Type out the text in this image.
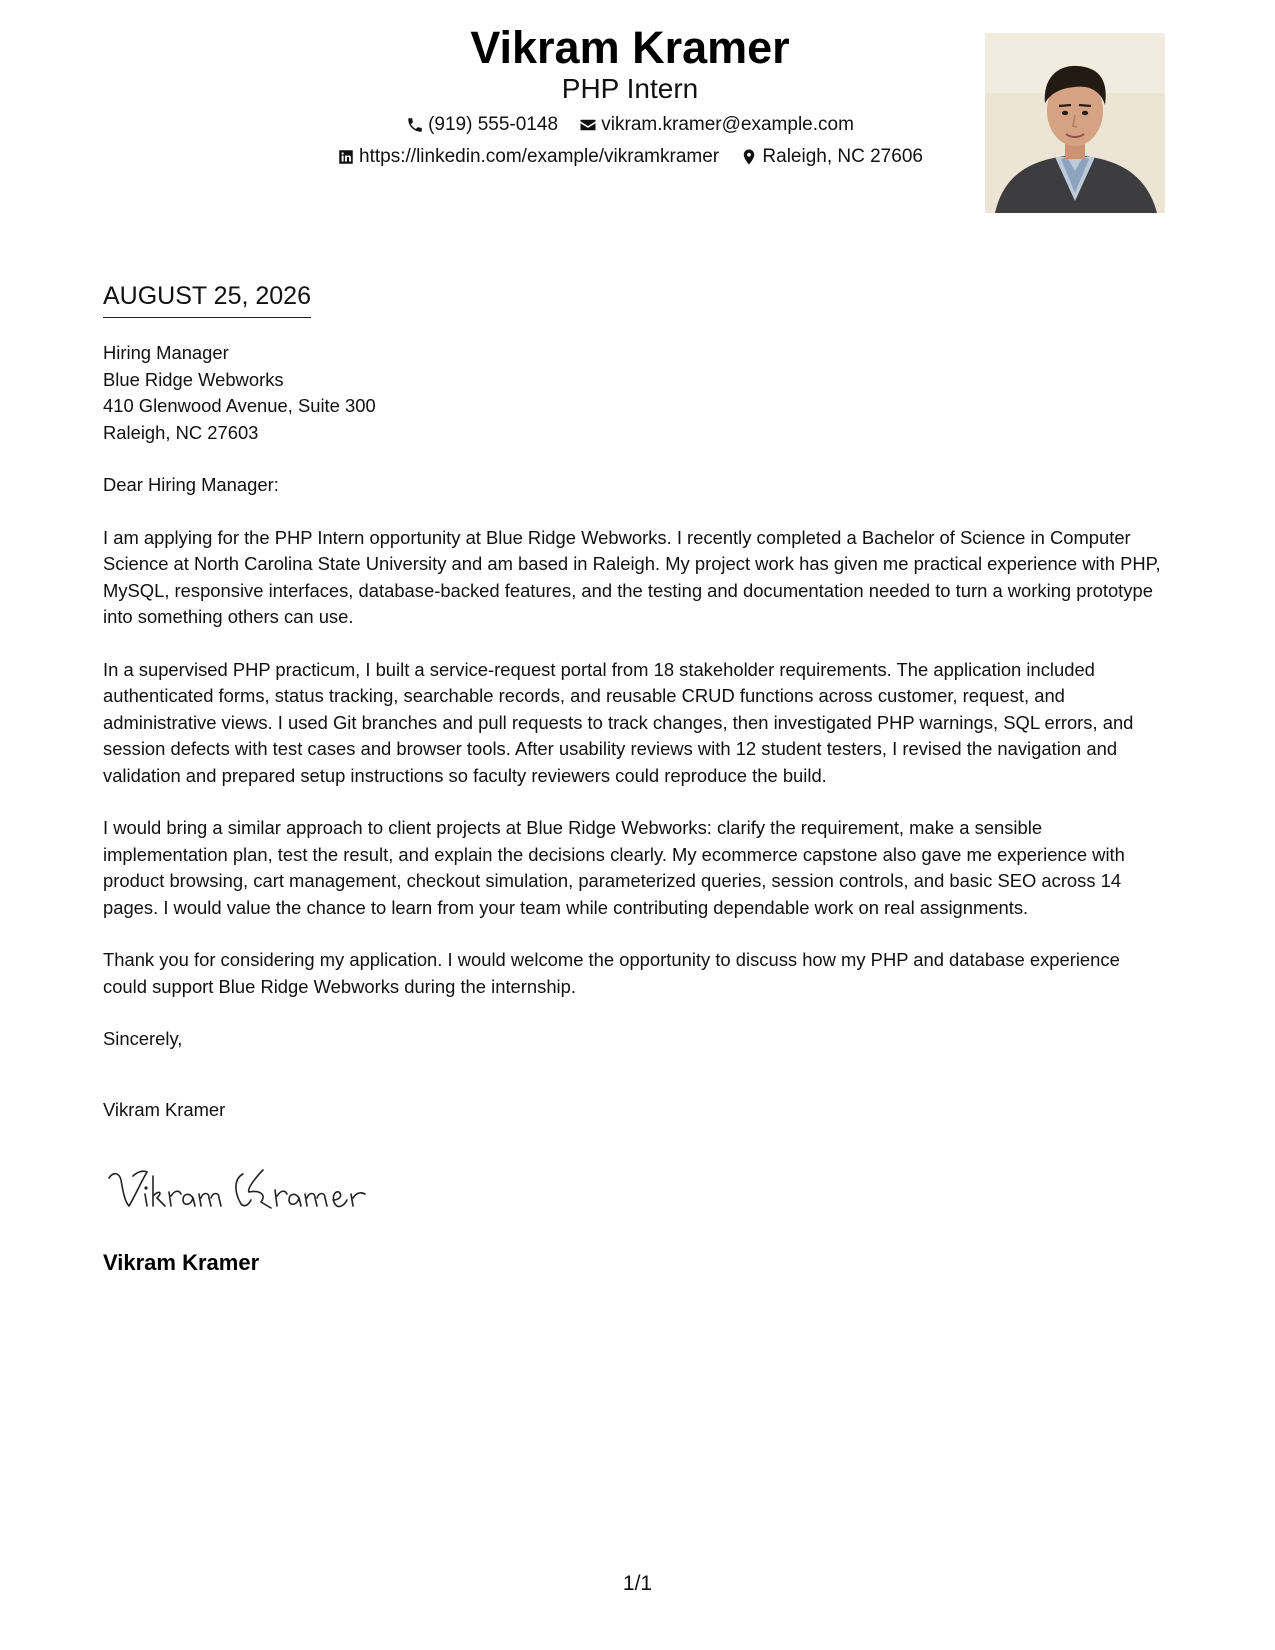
Vikram Kramer
PHP Intern
(919) 555-0148
vikram.kramer@example.com
https://linkedin.com/example/vikramkramer
Raleigh, NC 27606
AUGUST 25, 2026

Hiring Manager

Blue Ridge Webworks

410 Glenwood Avenue, Suite 300

Raleigh, NC 27603

Dear Hiring Manager:

I am applying for the PHP Intern opportunity at Blue Ridge Webworks. I recently completed a Bachelor of Science in Computer Science at North Carolina State University and am based in Raleigh. My project work has given me practical experience with PHP, MySQL, responsive interfaces, database-backed features, and the testing and documentation needed to turn a working prototype into something others can use.

In a supervised PHP practicum, I built a service-request portal from 18 stakeholder requirements. The application included authenticated forms, status tracking, searchable records, and reusable CRUD functions across customer, request, and administrative views. I used Git branches and pull requests to track changes, then investigated PHP warnings, SQL errors, and session defects with test cases and browser tools. After usability reviews with 12 student testers, I revised the navigation and validation and prepared setup instructions so faculty reviewers could reproduce the build.

I would bring a similar approach to client projects at Blue Ridge Webworks: clarify the requirement, make a sensible implementation plan, test the result, and explain the decisions clearly. My ecommerce capstone also gave me experience with product browsing, cart management, checkout simulation, parameterized queries, session controls, and basic SEO across 14 pages. I would value the chance to learn from your team while contributing dependable work on real assignments.

Thank you for considering my application. I would welcome the opportunity to discuss how my PHP and database experience could support Blue Ridge Webworks during the internship.

Sincerely,

Vikram Kramer

Vikram Kramer
1/1
